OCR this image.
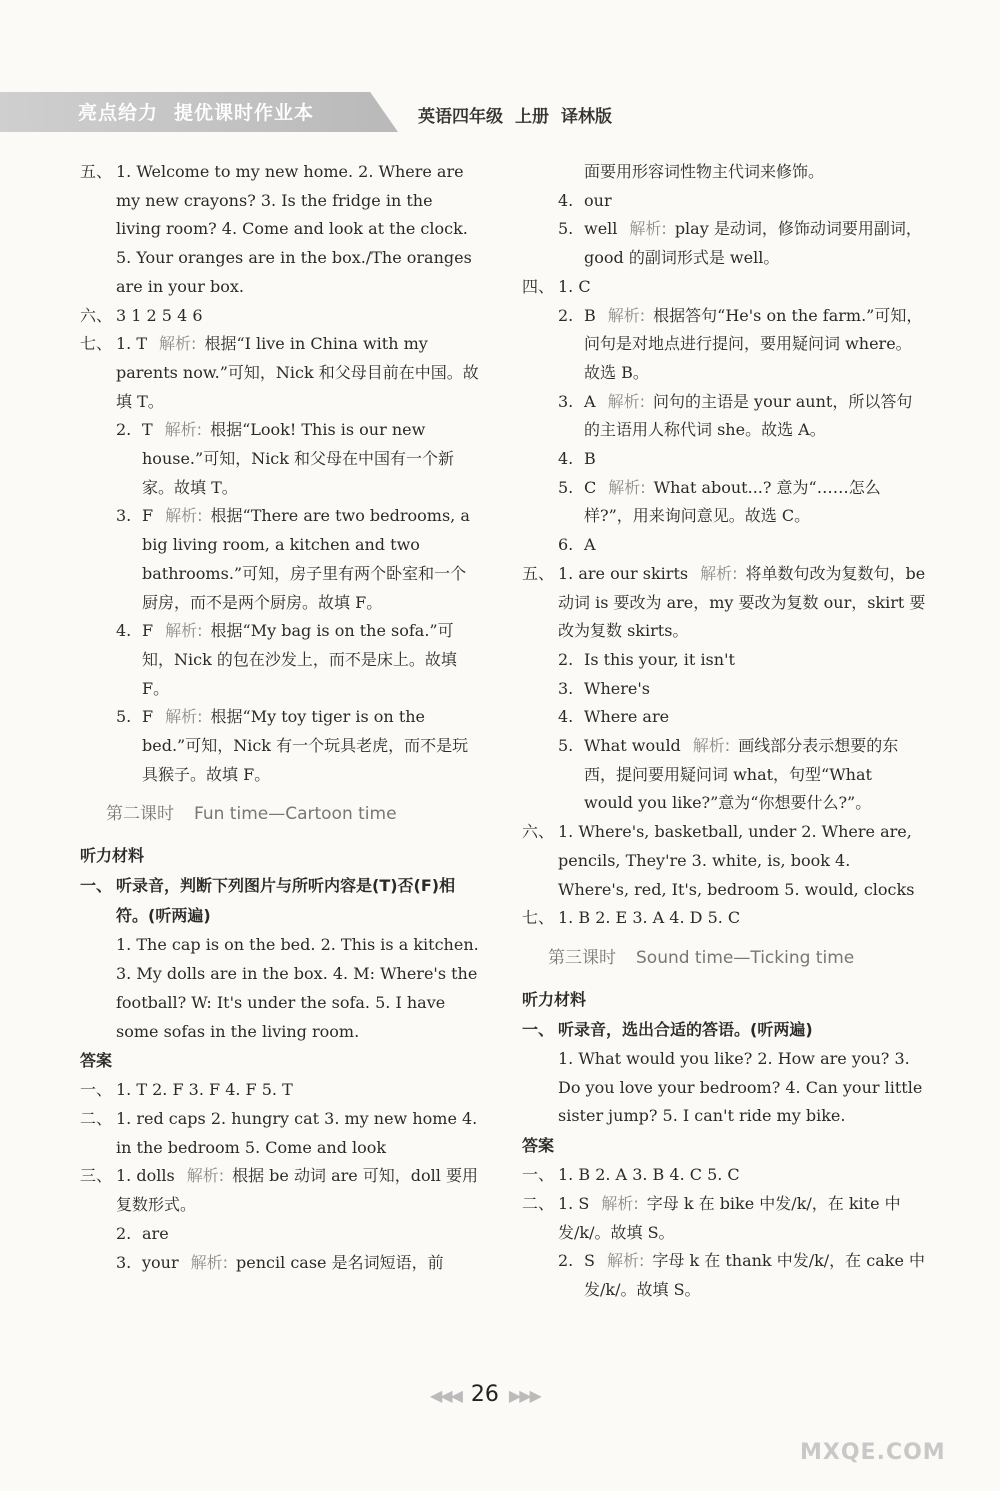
亮点给力 提优课时作业本	英语四年级 上册 译林版
五、 1. Welcome to my new home. 2. Where are my new crayons? 3. Is the fridge in the living room? 4. Come and look at the clock. 5. Your oranges are in the box./The oranges are in your box.
六、 3 1 2 5 4 6
七、 1. T 解析: 根据“I live in China with my parents now.”可知，Nick 和父母目前在中国。故填 T。
2. T 解析: 根据“Look! This is our new house.”可知，Nick 和父母在中国有一个新家。故填 T。
3. F 解析: 根据“There are two bedrooms, a big living room, a kitchen and two bathrooms.”可知，房子里有两个卧室和一个厨房，而不是两个厨房。故填 F。
4. F 解析: 根据“My bag is on the sofa.”可知，Nick 的包在沙发上，而不是床上。故填 F。
5. F 解析: 根据“My toy tiger is on the bed.”可知，Nick 有一个玩具老虎，而不是玩具猴子。故填 F。
第二课时 Fun time—Cartoon time
听力材料
一、 听录音，判断下列图片与所听内容是(T)否(F)相符。(听两遍)
1. The cap is on the bed. 2. This is a kitchen. 3. My dolls are in the box. 4. M: Where's the football? W: It's under the sofa. 5. I have some sofas in the living room.
答案
一、 1. T 2. F 3. F 4. F 5. T
二、 1. red caps 2. hungry cat 3. my new home 4. in the bedroom 5. Come and look
三、 1. dolls 解析: 根据 be 动词 are 可知，doll 要用复数形式。
2. are
3. your 解析: pencil case 是名词短语，前
面要用形容词性物主代词来修饰。
4. our
5. well 解析: play 是动词，修饰动词要用副词，good 的副词形式是 well。
四、 1. C
2. B 解析: 根据答句“He's on the farm.”可知，问句是对地点进行提问，要用疑问词 where。故选 B。
3. A 解析: 问句的主语是 your aunt，所以答句的主语用人称代词 she。故选 A。
4. B
5. C 解析: What about...? 意为“……怎么样?”，用来询问意见。故选 C。
6. A
五、 1. are our skirts 解析: 将单数句改为复数句，be 动词 is 要改为 are，my 要改为复数 our，skirt 要改为复数 skirts。
2. Is this your, it isn't
3. Where's
4. Where are
5. What would 解析: 画线部分表示想要的东西，提问要用疑问词 what，句型“What would you like?”意为“你想要什么?”。
六、 1. Where's, basketball, under 2. Where are, pencils, They're 3. white, is, book 4. Where's, red, It's, bedroom 5. would, clocks
七、 1. B 2. E 3. A 4. D 5. C
第三课时 Sound time—Ticking time
听力材料
一、 听录音，选出合适的答语。(听两遍)
1. What would you like? 2. How are you? 3. Do you love your bedroom? 4. Can your little sister jump? 5. I can't ride my bike.
答案
一、 1. B 2. A 3. B 4. C 5. C
二、 1. S 解析: 字母 k 在 bike 中发/k/，在 kite 中发/k/。故填 S。
2. S 解析: 字母 k 在 thank 中发/k/，在 cake 中发/k/。故填 S。
◀◀◀ 26 ▶▶▶
MXQE.COM
